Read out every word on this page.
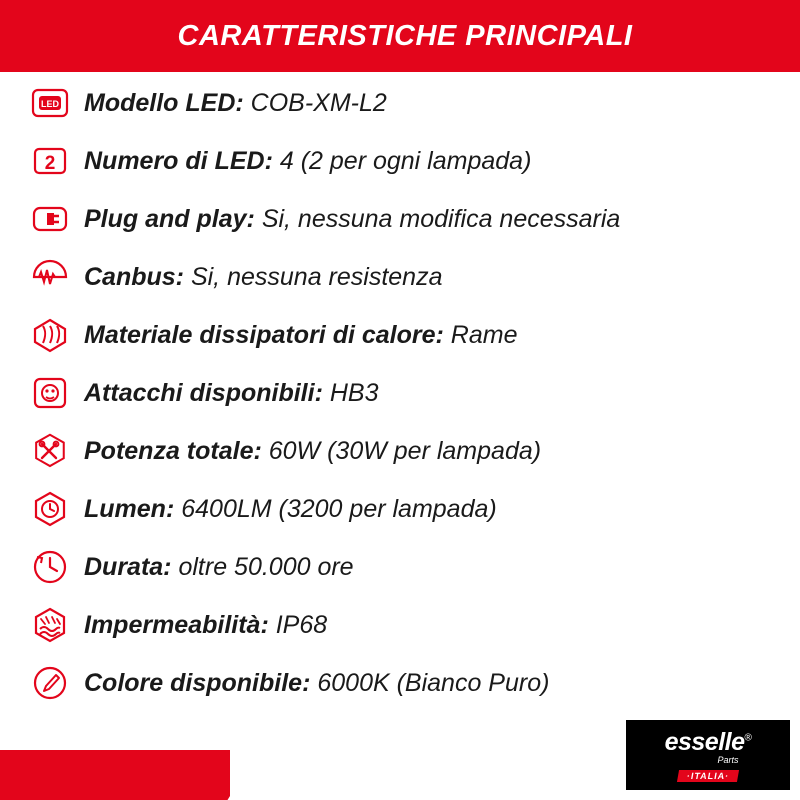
CARATTERISTICHE PRINCIPALI
LED Modello LED: COB-XM-L2
2 Numero di LED: 4 (2 per ogni lampada)
Plug and play: Si, nessuna modifica necessaria
Canbus: Si, nessuna resistenza
Materiale dissipatori di calore: Rame
Attacchi disponibili: HB3
Potenza totale: 60W (30W per lampada)
Lumen: 6400LM (3200 per lampada)
Durata: oltre 50.000 ore
Impermeabilità: IP68
Colore disponibile: 6000K (Bianco Puro)
esselle®
Parts
·ITALIA·
